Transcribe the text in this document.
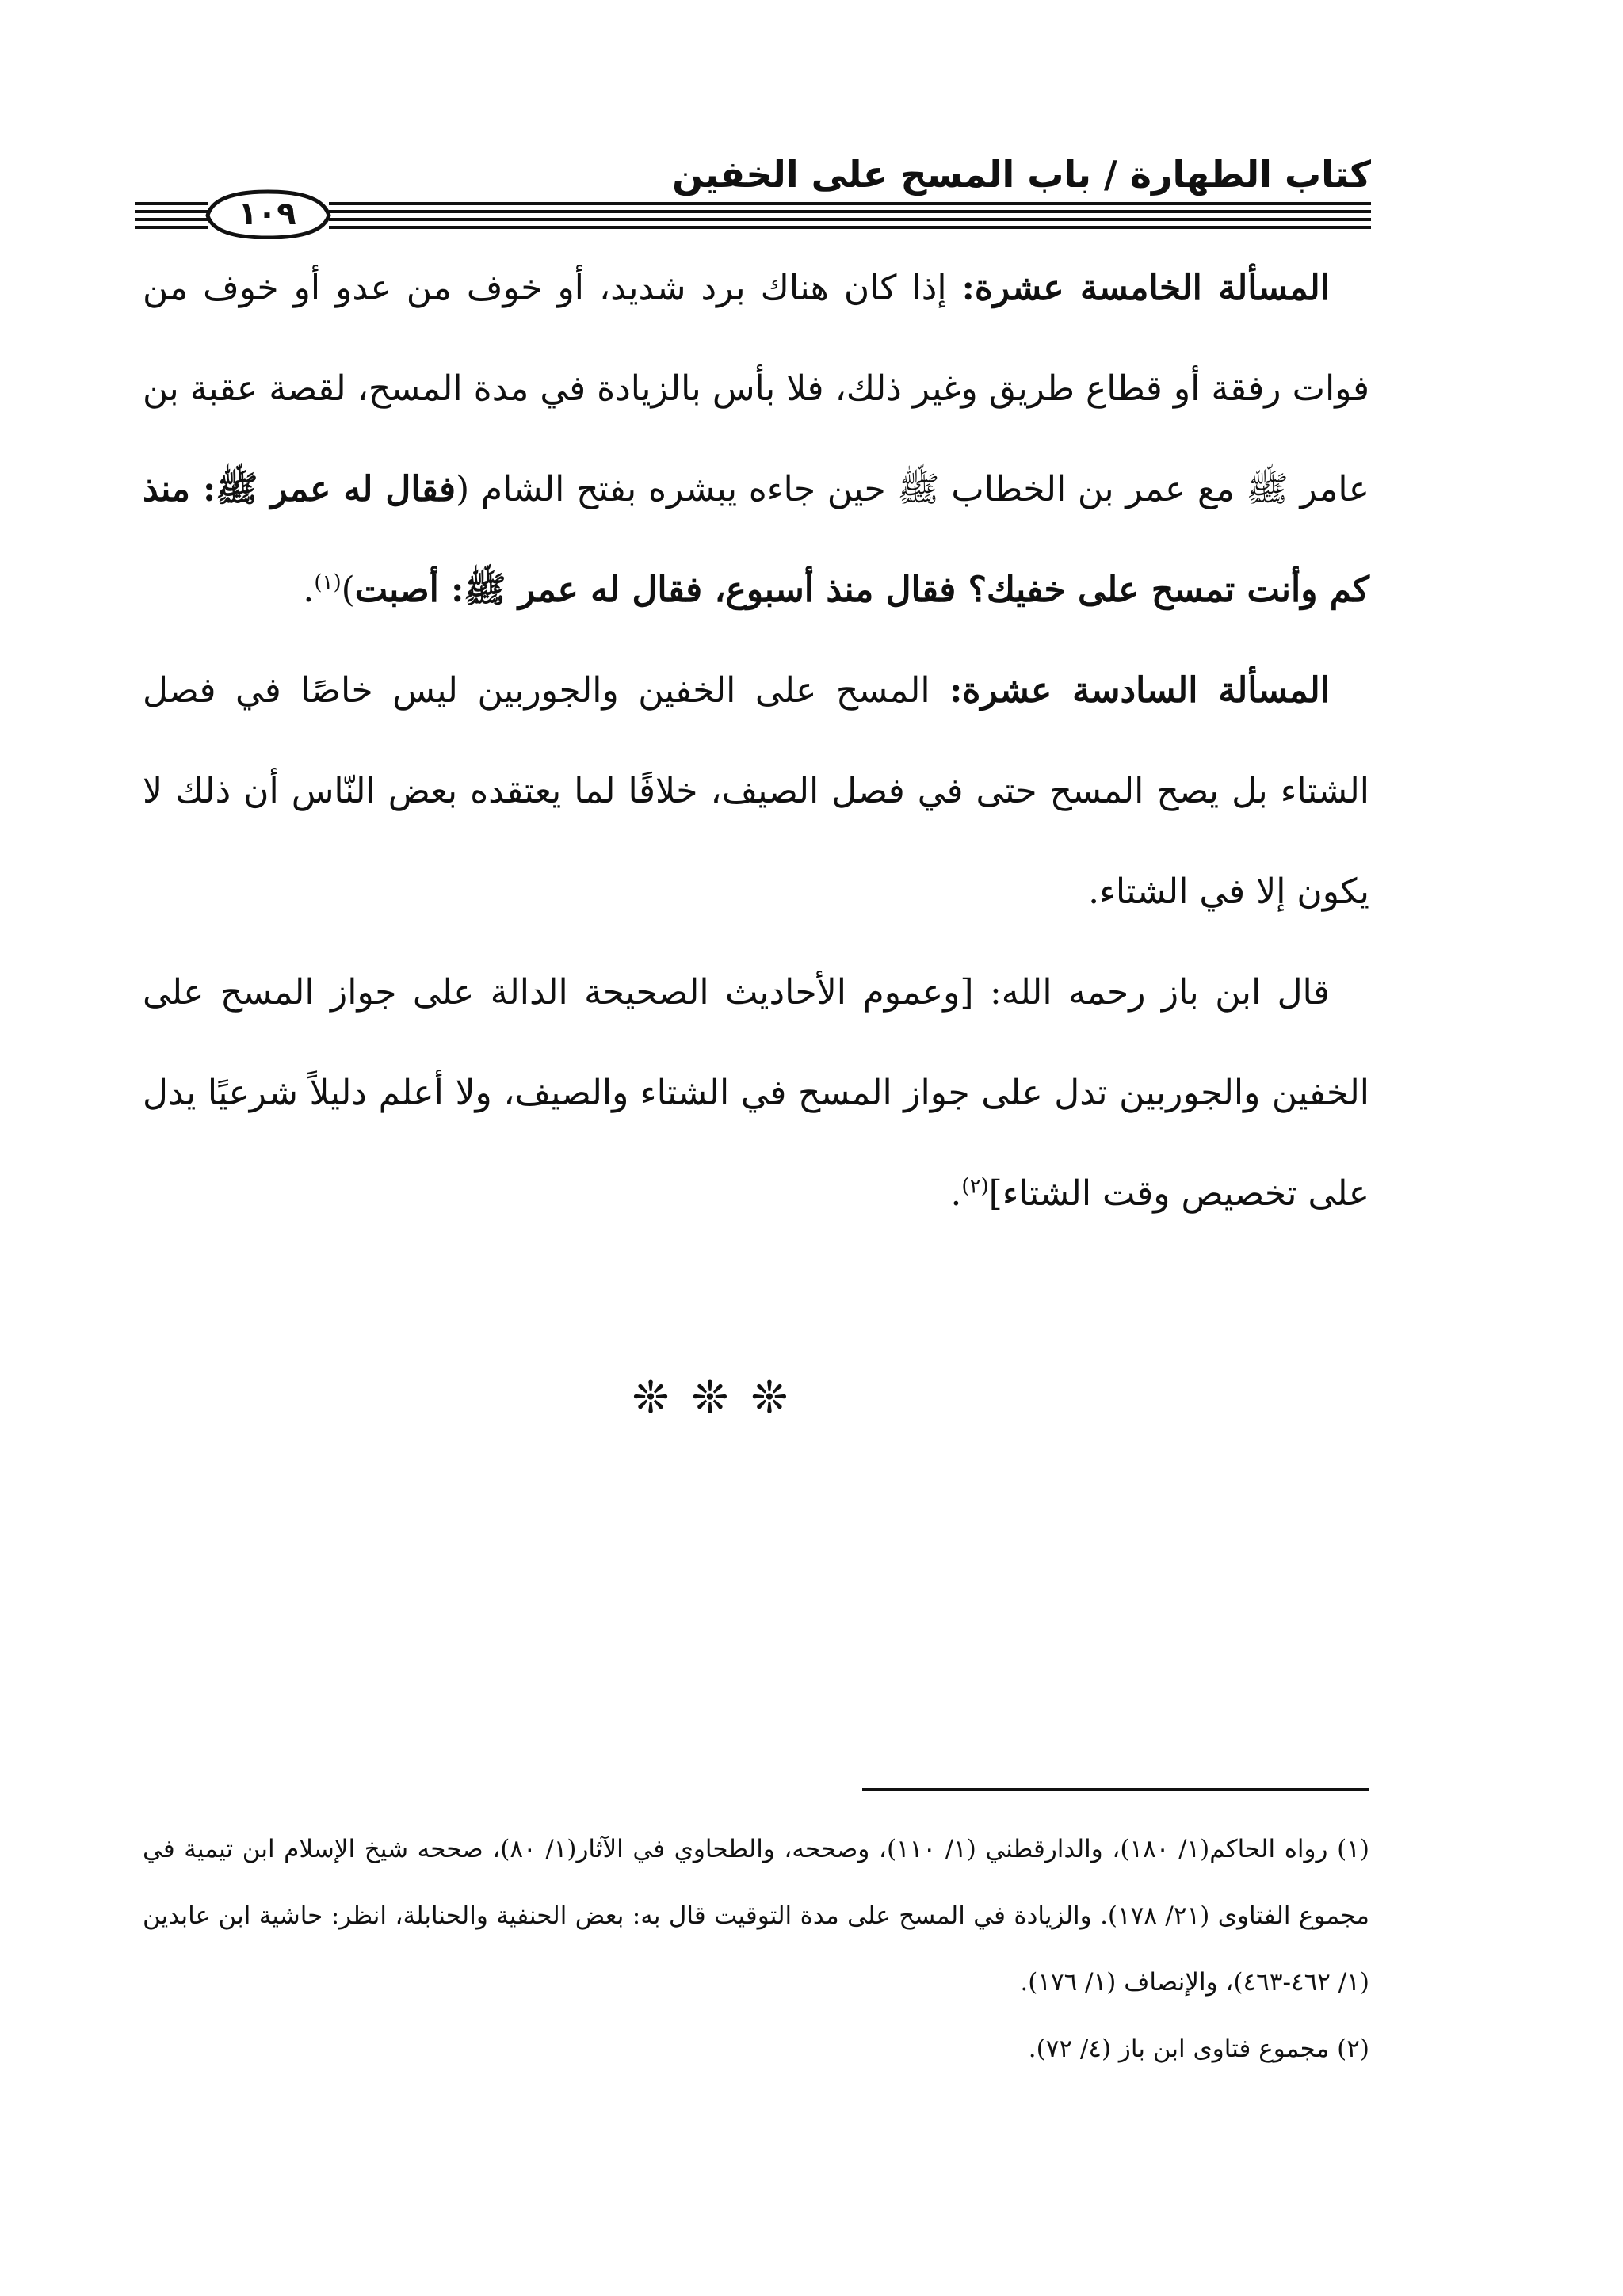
كتاب الطهارة / باب المسح على الخفين
١٠٩

المسألة الخامسة عشرة: إذا كان هناك برد شديد، أو خوف من عدو أو خوف من فوات رفقة أو قطاع طريق وغير ذلك، فلا بأس بالزيادة في مدة المسح، لقصة عقبة بن عامر ﷺ مع عمر بن الخطاب ﷺ حين جاءه يبشره بفتح الشام (فقال له عمر ﷺ: منذ كم وأنت تمسح على خفيك؟ فقال منذ أسبوع، فقال له عمر ﷺ: أصبت)$^{(١)}$.

المسألة السادسة عشرة: المسح على الخفين والجوربين ليس خاصًا في فصل الشتاء بل يصح المسح حتى في فصل الصيف، خلافًا لما يعتقده بعض النّاس أن ذلك لا يكون إلا في الشتاء.

قال ابن باز رحمه الله: [وعموم الأحاديث الصحيحة الدالة على جواز المسح على الخفين والجوربين تدل على جواز المسح في الشتاء والصيف، ولا أعلم دليلاً شرعيًا يدل على تخصيص وقت الشتاء]$^{(٢)}$.

❊❊❊

(١) رواه الحاكم(١/ ١٨٠)، والدارقطني (١/ ١١٠)، وصححه، والطحاوي في الآثار(١/ ٨٠)، صححه شيخ الإسلام ابن تيمية في مجموع الفتاوى (٢١/ ١٧٨). والزيادة في المسح على مدة التوقيت قال به: بعض الحنفية والحنابلة، انظر: حاشية ابن عابدين (١/ ٤٦٢-٤٦٣)، والإنصاف (١/ ١٧٦).

(٢) مجموع فتاوى ابن باز (٤/ ٧٢).
